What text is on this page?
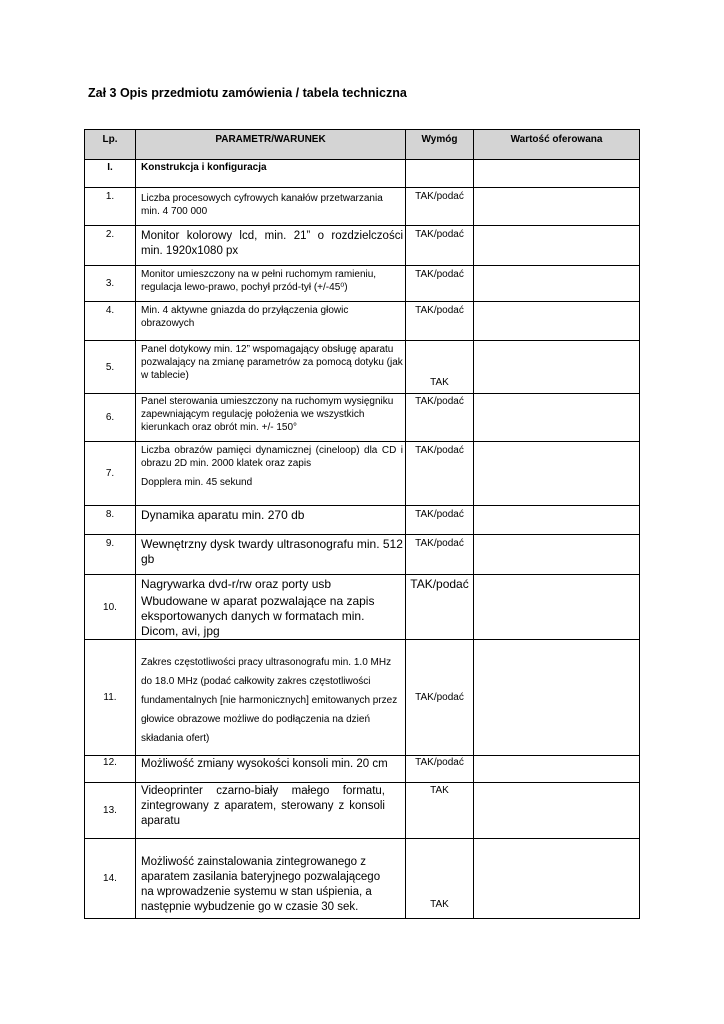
Zał 3 Opis przedmiotu zamówienia / tabela techniczna
Lp.	PARAMETR/WARUNEK	Wymóg	Wartość oferowana
I.	Konstrukcja i konfiguracja		
1.	Liczba procesowych cyfrowych kanałów przetwarzania min. 4 700 000	TAK/podać	
2.	Monitor kolorowy lcd, min. 21” o rozdzielczości min. 1920x1080 px	TAK/podać	
3.	Monitor umieszczony na w pełni ruchomym ramieniu, regulacja lewo-prawo, pochył przód-tył (+/-45⁰)	TAK/podać	
4.	Min. 4 aktywne gniazda do przyłączenia głowic obrazowych	TAK/podać	
5.	Panel dotykowy min. 12” wspomagający obsługę aparatu pozwalający na zmianę parametrów za pomocą dotyku (jak w tablecie)	TAK	
6.	Panel sterowania umieszczony na ruchomym wysięgniku zapewniającym regulację położenia we wszystkich kierunkach oraz obrót min. +/- 150°	TAK/podać	
7.	Liczba obrazów pamięci dynamicznej (cineloop) dla CD i obrazu 2D min. 2000 klatek oraz zapis
Dopplera min. 45 sekund	TAK/podać	
8.	Dynamika aparatu min. 270 db	TAK/podać	
9.	Wewnętrzny dysk twardy ultrasonografu min. 512 gb	TAK/podać	
10.	Nagrywarka dvd-r/rw oraz porty usb
Wbudowane w aparat pozwalające na zapis eksportowanych danych w formatach min. Dicom, avi, jpg	TAK/podać	
11.	Zakres częstotliwości pracy ultrasonografu min. 1.0 MHz do 18.0 MHz (podać całkowity zakres częstotliwości fundamentalnych [nie harmonicznych] emitowanych przez głowice obrazowe możliwe do podłączenia na dzień składania ofert)	TAK/podać	
12.	Możliwość zmiany wysokości konsoli min. 20 cm	TAK/podać	
13.	Videoprinter czarno-biały małego formatu, zintegrowany z aparatem, sterowany z konsoli aparatu	TAK	
14.	Możliwość zainstalowania zintegrowanego z aparatem zasilania bateryjnego pozwalającego na wprowadzenie systemu w stan uśpienia, a następnie wybudzenie go w czasie 30 sek.	TAK	
